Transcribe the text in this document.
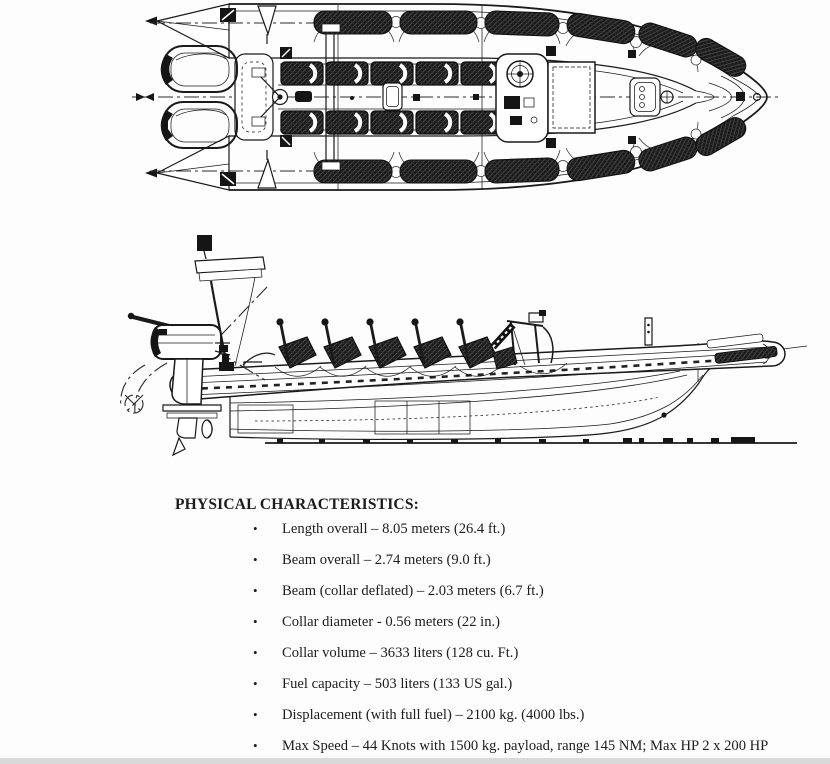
PHYSICAL CHARACTERISTICS:
• Length overall – 8.05 meters (26.4 ft.)
• Beam overall – 2.74 meters (9.0 ft.)
• Beam (collar deflated) – 2.03 meters (6.7 ft.)
• Collar diameter - 0.56 meters (22 in.)
• Collar volume – 3633 liters (128 cu. Ft.)
• Fuel capacity – 503 liters (133 US gal.)
• Displacement (with full fuel) – 2100 kg. (4000 lbs.)
• Max Speed – 44 Knots with 1500 kg. payload, range 145 NM; Max HP 2 x 200 HP
